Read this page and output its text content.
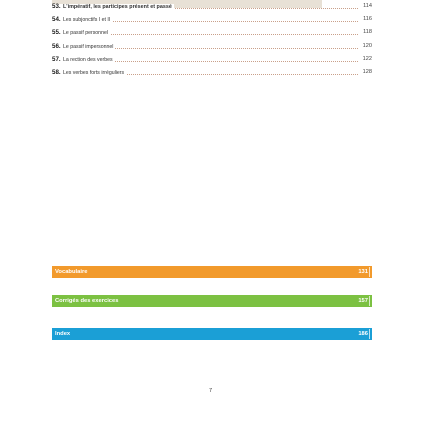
53. L'impératif, les participes présent et passé	114
54. Les subjonctifs I et II	116
55. Le passif personnel	118
56. Le passif impersonnel	120
57. La rection des verbes	122
58. Les verbes forts irréguliers	128
Vocabulaire	131
Corrigés des exercices	157
Index	186
7
